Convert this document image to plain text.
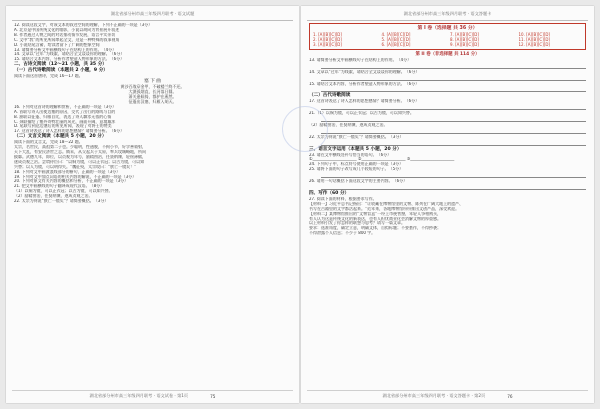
湖北省部分州市高三年级四月联考 · 语文试题
12. 阅读这段文字，对该文本的叙述空间的理解，下列不正确的一项是（3分）
A. 北京是中国传统文化的缩影，小说以胡同为背景展开叙述
B. 作者通过人物之间的对话推动情节发展，语言平实亲切
C. 文中“我”的所见所闻串起全文，这是一种特殊的叙事视角
D. 小说结尾含蓄，给读者留下了广阔的想象空间
13. 请简要分析文中画横线句子在结构上的作用。（4分）
14. 文章以“过年”为线索，请结合全文谈谈你的理解。（6分）
15. 请结合文本内容，分析作者塑造人物形象的方法。（6分）
二、古诗文阅读（12～21 小题，共 35 分）
（一）古代诗歌阅读（本题共 2 小题，9 分）
阅读下面这首唐诗，完成 16～17 题。
塞 下 曲
黄沙百战穿金甲，不破楼兰终不还。
大漠孤烟直，长河落日圆。
萧关逢候骑，都护在燕然。
征蓬出汉塞，归雁入胡天。
16. 下列对这首诗的理解和赏析，不正确的一项是（3分）
A. 首联写诗人出使边塞的原因，交代了出行的路线与目的
B. 颔联以征蓬、归雁自比，表达了诗人飘零无依的心情
C. 颈联描绘了塞外奇特壮丽的风光，画面开阔，意境雄浑
D. 尾联写到达边塞后的所见所闻，表现了对将士的赞美
17. 这首诗表达了诗人怎样的思想感情？请简要分析。（6分）
（二）文言文阅读（本题共 5 小题，20 分）
阅读下面的文言文，完成 18～22 题。
太宗，名世民，高祖第二子也。少聪明，性通脱，不拘小节，好学善骑射，
天下大乱，有安民济世之志。隋末，从父起兵于太原，率兵攻城略地，所向
披靡。武德九年，即位，以贞观为年号，励精图治，任贤纳谏，轻徭薄赋，
遂成贞观之治。尝谓侍臣曰：“以铜为镜，可以正衣冠；以古为镜，可以知
兴替；以人为镜，可以明得失。”魏征殁，太宗叹曰：“朕亡一镜矣！”
18. 下列对文中画波浪线部分的断句，正确的一项是（3分）
19. 下列对文中加点词语的相关内容的解说，不正确的一项是（3分）
20. 下列对原文有关内容的概括和分析，不正确的一项是（3分）
21. 把文中画横线的句子翻译成现代汉语。（8分）
（1）以铜为镜，可以正衣冠；以古为镜，可以知兴替。
（2）励精图治，任贤纳谏，遂成贞观之治。
22. 太宗为何说“朕亡一镜矣”？请简要概括。（3分）
湖北省部分州市高三年级四月联考 · 语文试卷 · 第1页	75
湖北省部分州市高三年级四月联考 · 语文答题卡
第 I 卷（选择题 共 36 分）
1. [A][B][C][D]	4. [A][B][C][D]	7. [A][B][C][D]	10. [A][B][C][D]
2. [A][B][C][D]	5. [A][B][C][D]	8. [A][B][C][D]	11. [A][B][C][D]
3. [A][B][C][D]	6. [A][B][C][D]	9. [A][B][C][D]	12. [A][B][C][D]
第 II 卷（非选择题 共 114 分）
13. 请简要分析文中画横线句子在结构上的作用。（4分）
14. 文章以“过年”为线索，请结合全文谈谈你的理解。（6分）
15. 请结合文本内容，分析作者塑造人物形象的方法。（6分）
（二）古代诗歌阅读
17. 这首诗表达了诗人怎样的思想感情？请简要分析。（6分）
21.（1）以铜为镜，可以正衣冠；以古为镜，可以知兴替。
（2）励精图治，任贤纳谏，遂成贞观之治。
22. 太宗为何说“朕亡一镜矣”？请简要概括。（3分）
三、语言文字运用（本题共 5 小题，20 分）
23. 请在文中横线处补写恰当的语句。（6分）
①______________________ ②______________________ ③______________________
24. 下列句子中，标点符号使用正确的一项是（3分）
25. 请将下面的句子改写成几个较短的句子。（5分）
26. 请用一句话概括下面这段文字的主要内容。（6分）
四、写作（60 分）
27. 阅读下面的材料，根据要求写作。
【材料一】习近平总书记指出：“让收藏在博物馆里的文物、陈列在广阔大地上的遗产、
书写在古籍里的文字都活起来。”近年来，各地博物馆纷纷推出文创产品，深受欢迎。
【材料二】某博物馆推出的“文物盲盒”一经上市便售罄，年轻人争相购买，
有人认为这是传统文化的新表达，也有人担忧商业化会消解文物的厚重感。
以上材料引发了你怎样的联想与思考？请写一篇文章。
要求：选准角度，确定立意，明确文体，自拟标题；不要套作，不得抄袭；
不得泄露个人信息；不少于 800 字。
湖北省部分州市高三年级四月联考 · 语文答题卡 · 第2页	76
